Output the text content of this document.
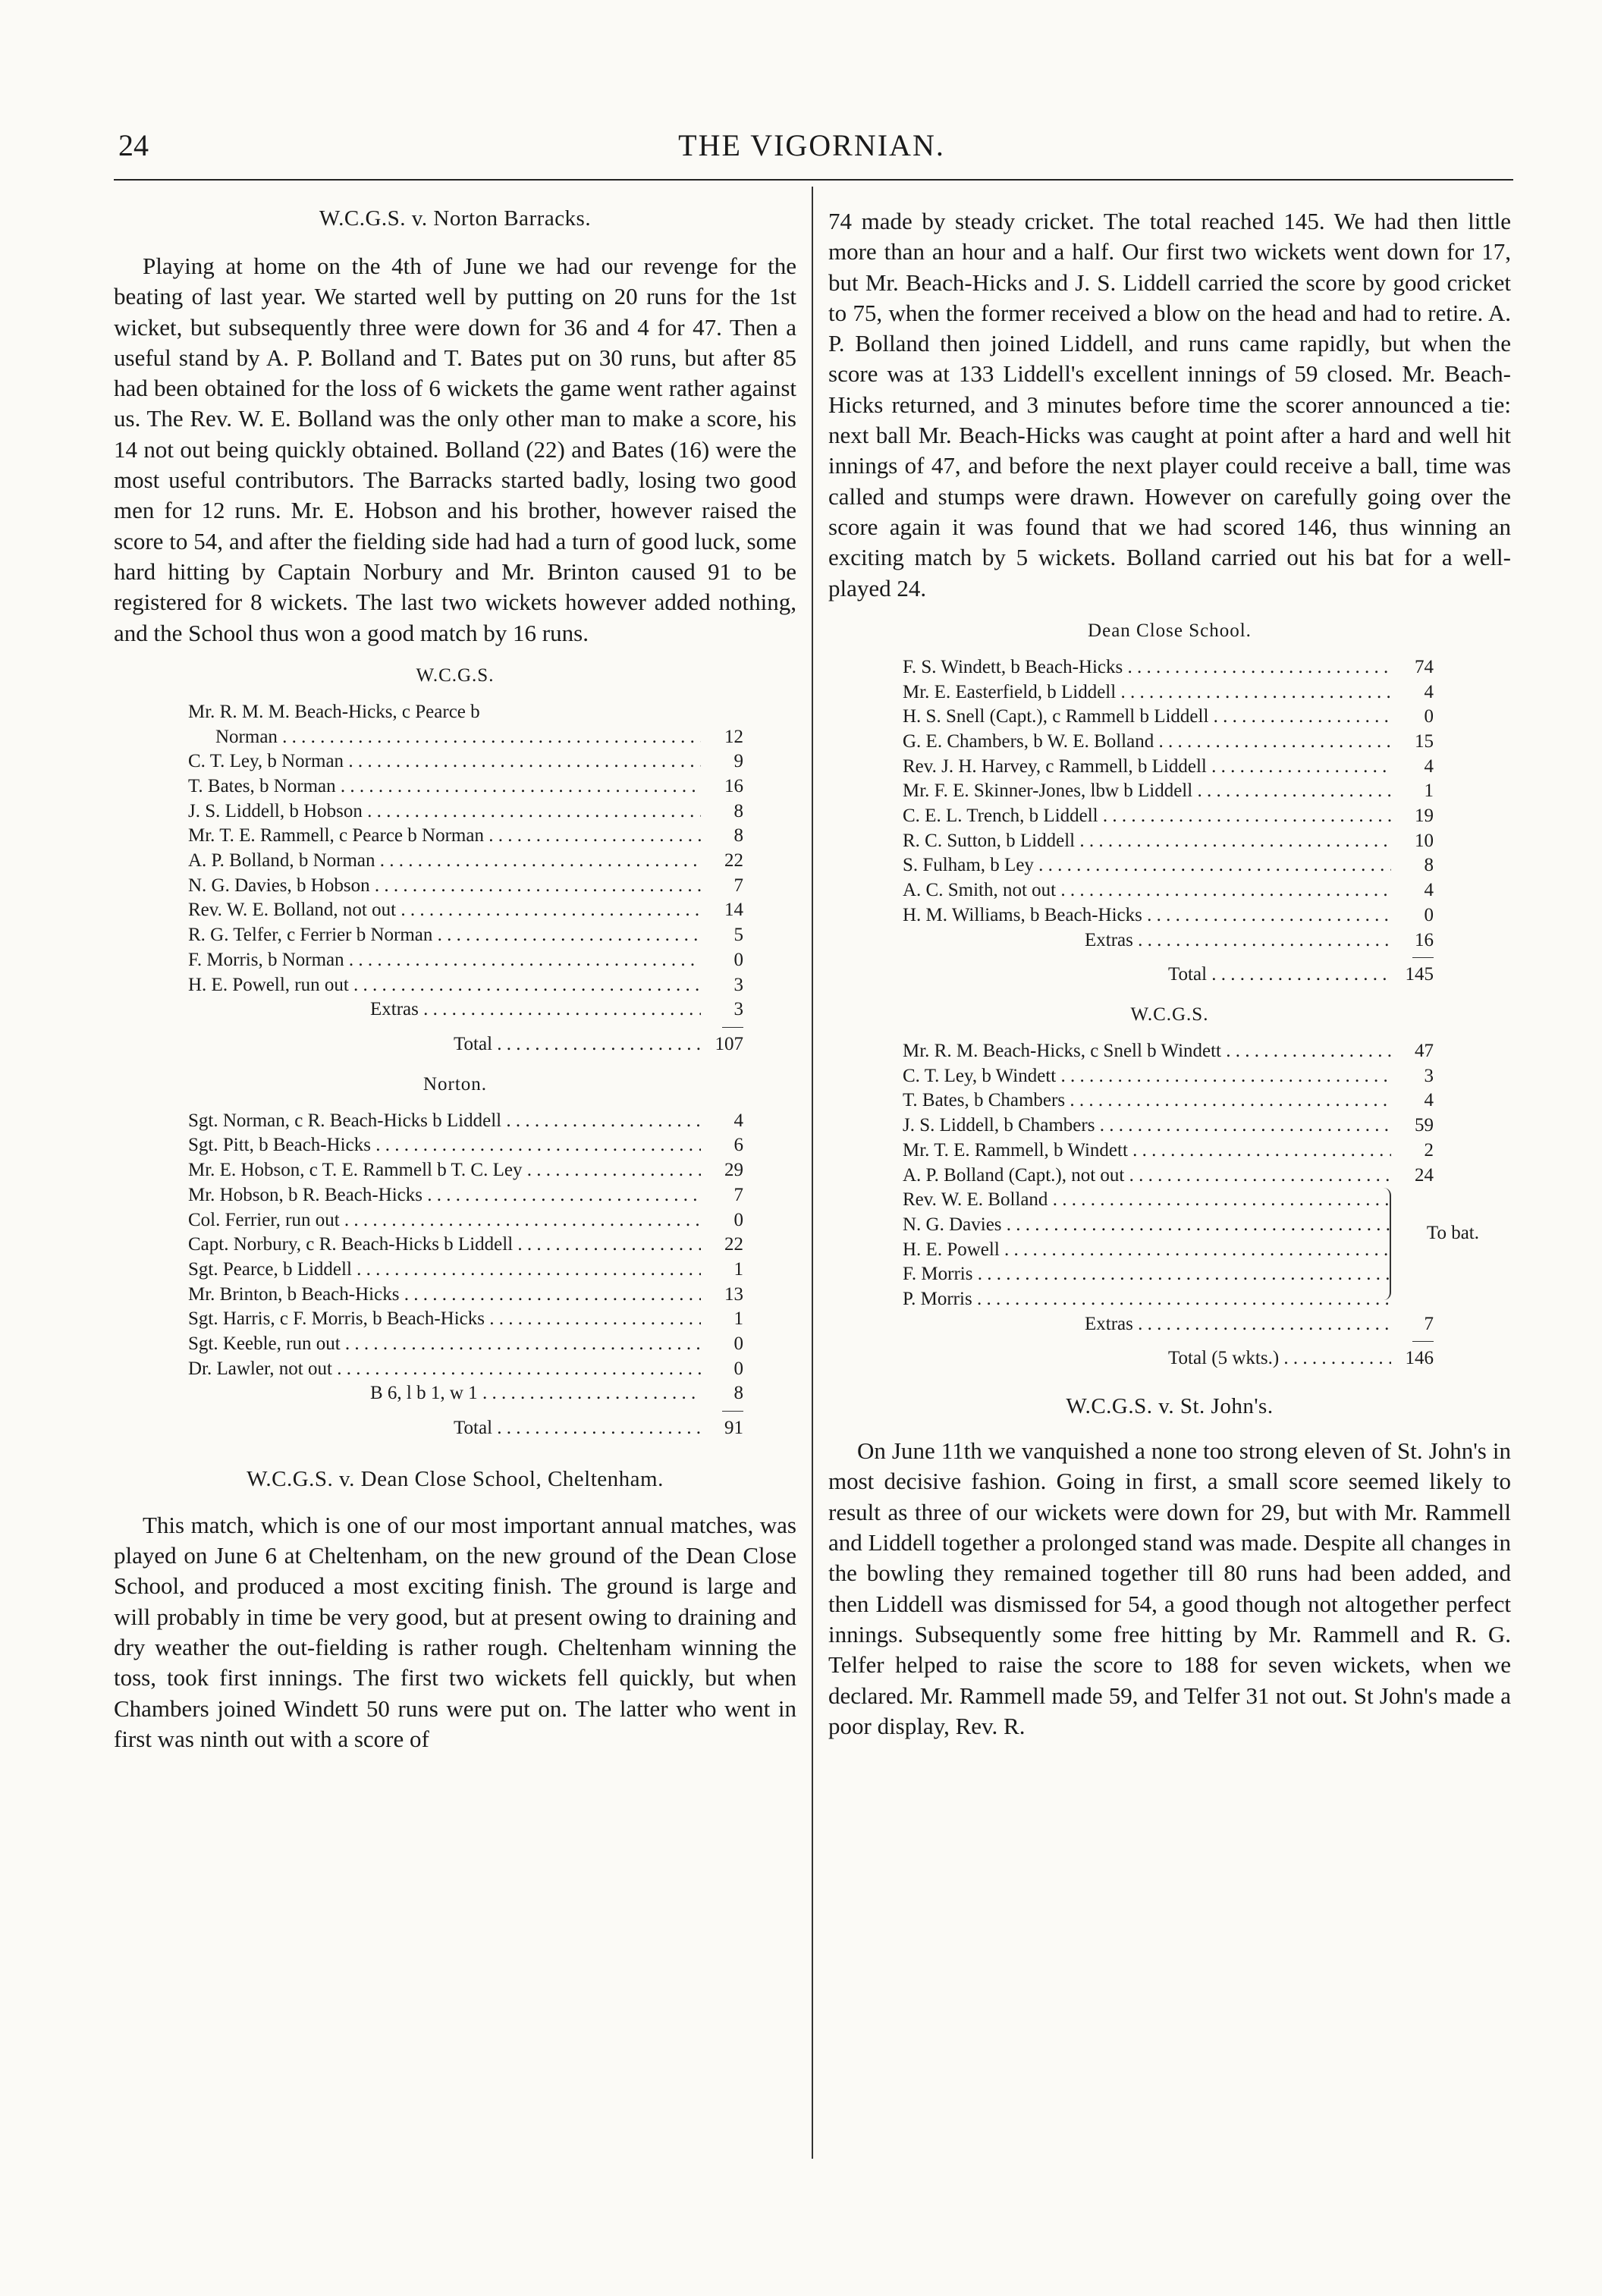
24	THE VIGORNIAN.
W.C.G.S. v. Norton Barracks.

Playing at home on the 4th of June we had our revenge for the beating of last year. We started well by putting on 20 runs for the 1st wicket, but subsequently three were down for 36 and 4 for 47. Then a useful stand by A. P. Bolland and T. Bates put on 30 runs, but after 85 had been obtained for the loss of 6 wickets the game went rather against us. The Rev. W. E. Bolland was the only other man to make a score, his 14 not out being quickly obtained. Bolland (22) and Bates (16) were the most useful contributors. The Barracks started badly, losing two good men for 12 runs. Mr. E. Hobson and his brother, however raised the score to 54, and after the fielding side had had a turn of good luck, some hard hitting by Captain Norbury and Mr. Brinton caused 91 to be registered for 8 wickets. The last two wickets however added nothing, and the School thus won a good match by 16 runs.

W.C.G.S.
Mr. R. M. M. Beach-Hicks, c Pearce b
Norman . . .	12
C. T. Ley, b Norman . . .	9
T. Bates, b Norman . . .	16
J. S. Liddell, b Hobson . . .	8
Mr. T. E. Rammell, c Pearce b Norman . . .	8
A. P. Bolland, b Norman . . .	22
N. G. Davies, b Hobson . . .	7
Rev. W. E. Bolland, not out . . .	14
R. G. Telfer, c Ferrier b Norman . . .	5
F. Morris, b Norman . . .	0
H. E. Powell, run out . . .	3
Extras . . .	3
Total . . .	107
Norton.
Sgt. Norman, c R. Beach-Hicks b Liddell . . .	4
Sgt. Pitt, b Beach-Hicks . . .	6
Mr. E. Hobson, c T. E. Rammell b T. C. Ley . . .	29
Mr. Hobson, b R. Beach-Hicks . . .	7
Col. Ferrier, run out . . .	0
Capt. Norbury, c R. Beach-Hicks b Liddell . . .	22
Sgt. Pearce, b Liddell . . .	1
Mr. Brinton, b Beach-Hicks . . .	13
Sgt. Harris, c F. Morris, b Beach-Hicks . . .	1
Sgt. Keeble, run out . . .	0
Dr. Lawler, not out . . .	0
B 6, l b 1, w 1 . . .	8
Total . . .	91
W.C.G.S. v. Dean Close School, Cheltenham.

This match, which is one of our most important annual matches, was played on June 6 at Cheltenham, on the new ground of the Dean Close School, and produced a most exciting finish. The ground is large and will probably in time be very good, but at present owing to draining and dry weather the out-fielding is rather rough. Cheltenham winning the toss, took first innings. The first two wickets fell quickly, but when Chambers joined Windett 50 runs were put on. The latter who went in first was ninth out with a score of

74 made by steady cricket. The total reached 145. We had then little more than an hour and a half. Our first two wickets went down for 17, but Mr. Beach-Hicks and J. S. Liddell carried the score by good cricket to 75, when the former received a blow on the head and had to retire. A. P. Bolland then joined Liddell, and runs came rapidly, but when the score was at 133 Liddell's excellent innings of 59 closed. Mr. Beach-Hicks returned, and 3 minutes before time the scorer announced a tie: next ball Mr. Beach-Hicks was caught at point after a hard and well hit innings of 47, and before the next player could receive a ball, time was called and stumps were drawn. However on carefully going over the score again it was found that we had scored 146, thus winning an exciting match by 5 wickets. Bolland carried out his bat for a well-played 24.

Dean Close School.
F. S. Windett, b Beach-Hicks . . .	74
Mr. E. Easterfield, b Liddell . . .	4
H. S. Snell (Capt.), c Rammell b Liddell . . .	0
G. E. Chambers, b W. E. Bolland . . .	15
Rev. J. H. Harvey, c Rammell, b Liddell . . .	4
Mr. F. E. Skinner-Jones, lbw b Liddell . . .	1
C. E. L. Trench, b Liddell . . .	19
R. C. Sutton, b Liddell . . .	10
S. Fulham, b Ley . . .	8
A. C. Smith, not out . . .	4
H. M. Williams, b Beach-Hicks . . .	0
Extras . . .	16
Total . . .	145
W.C.G.S.
Mr. R. M. Beach-Hicks, c Snell b Windett . . .	47
C. T. Ley, b Windett . . .	3
T. Bates, b Chambers . . .	4
J. S. Liddell, b Chambers . . .	59
Mr. T. E. Rammell, b Windett . . .	2
A. P. Bolland (Capt.), not out . . .	24
Rev. W. E. Bolland . . .
N. G. Davies . . .
H. E. Powell . . .
F. Morris . . .
P. Morris . . .
To bat.
Extras . . .	7
Total (5 wkts.) . . .	146
W.C.G.S. v. St. John's.

On June 11th we vanquished a none too strong eleven of St. John's in most decisive fashion. Going in first, a small score seemed likely to result as three of our wickets were down for 29, but with Mr. Rammell and Liddell together a prolonged stand was made. Despite all changes in the bowling they remained together till 80 runs had been added, and then Liddell was dismissed for 54, a good though not altogether perfect innings. Subsequently some free hitting by Mr. Rammell and R. G. Telfer helped to raise the score to 188 for seven wickets, when we declared. Mr. Rammell made 59, and Telfer 31 not out. St John's made a poor display, Rev. R.
